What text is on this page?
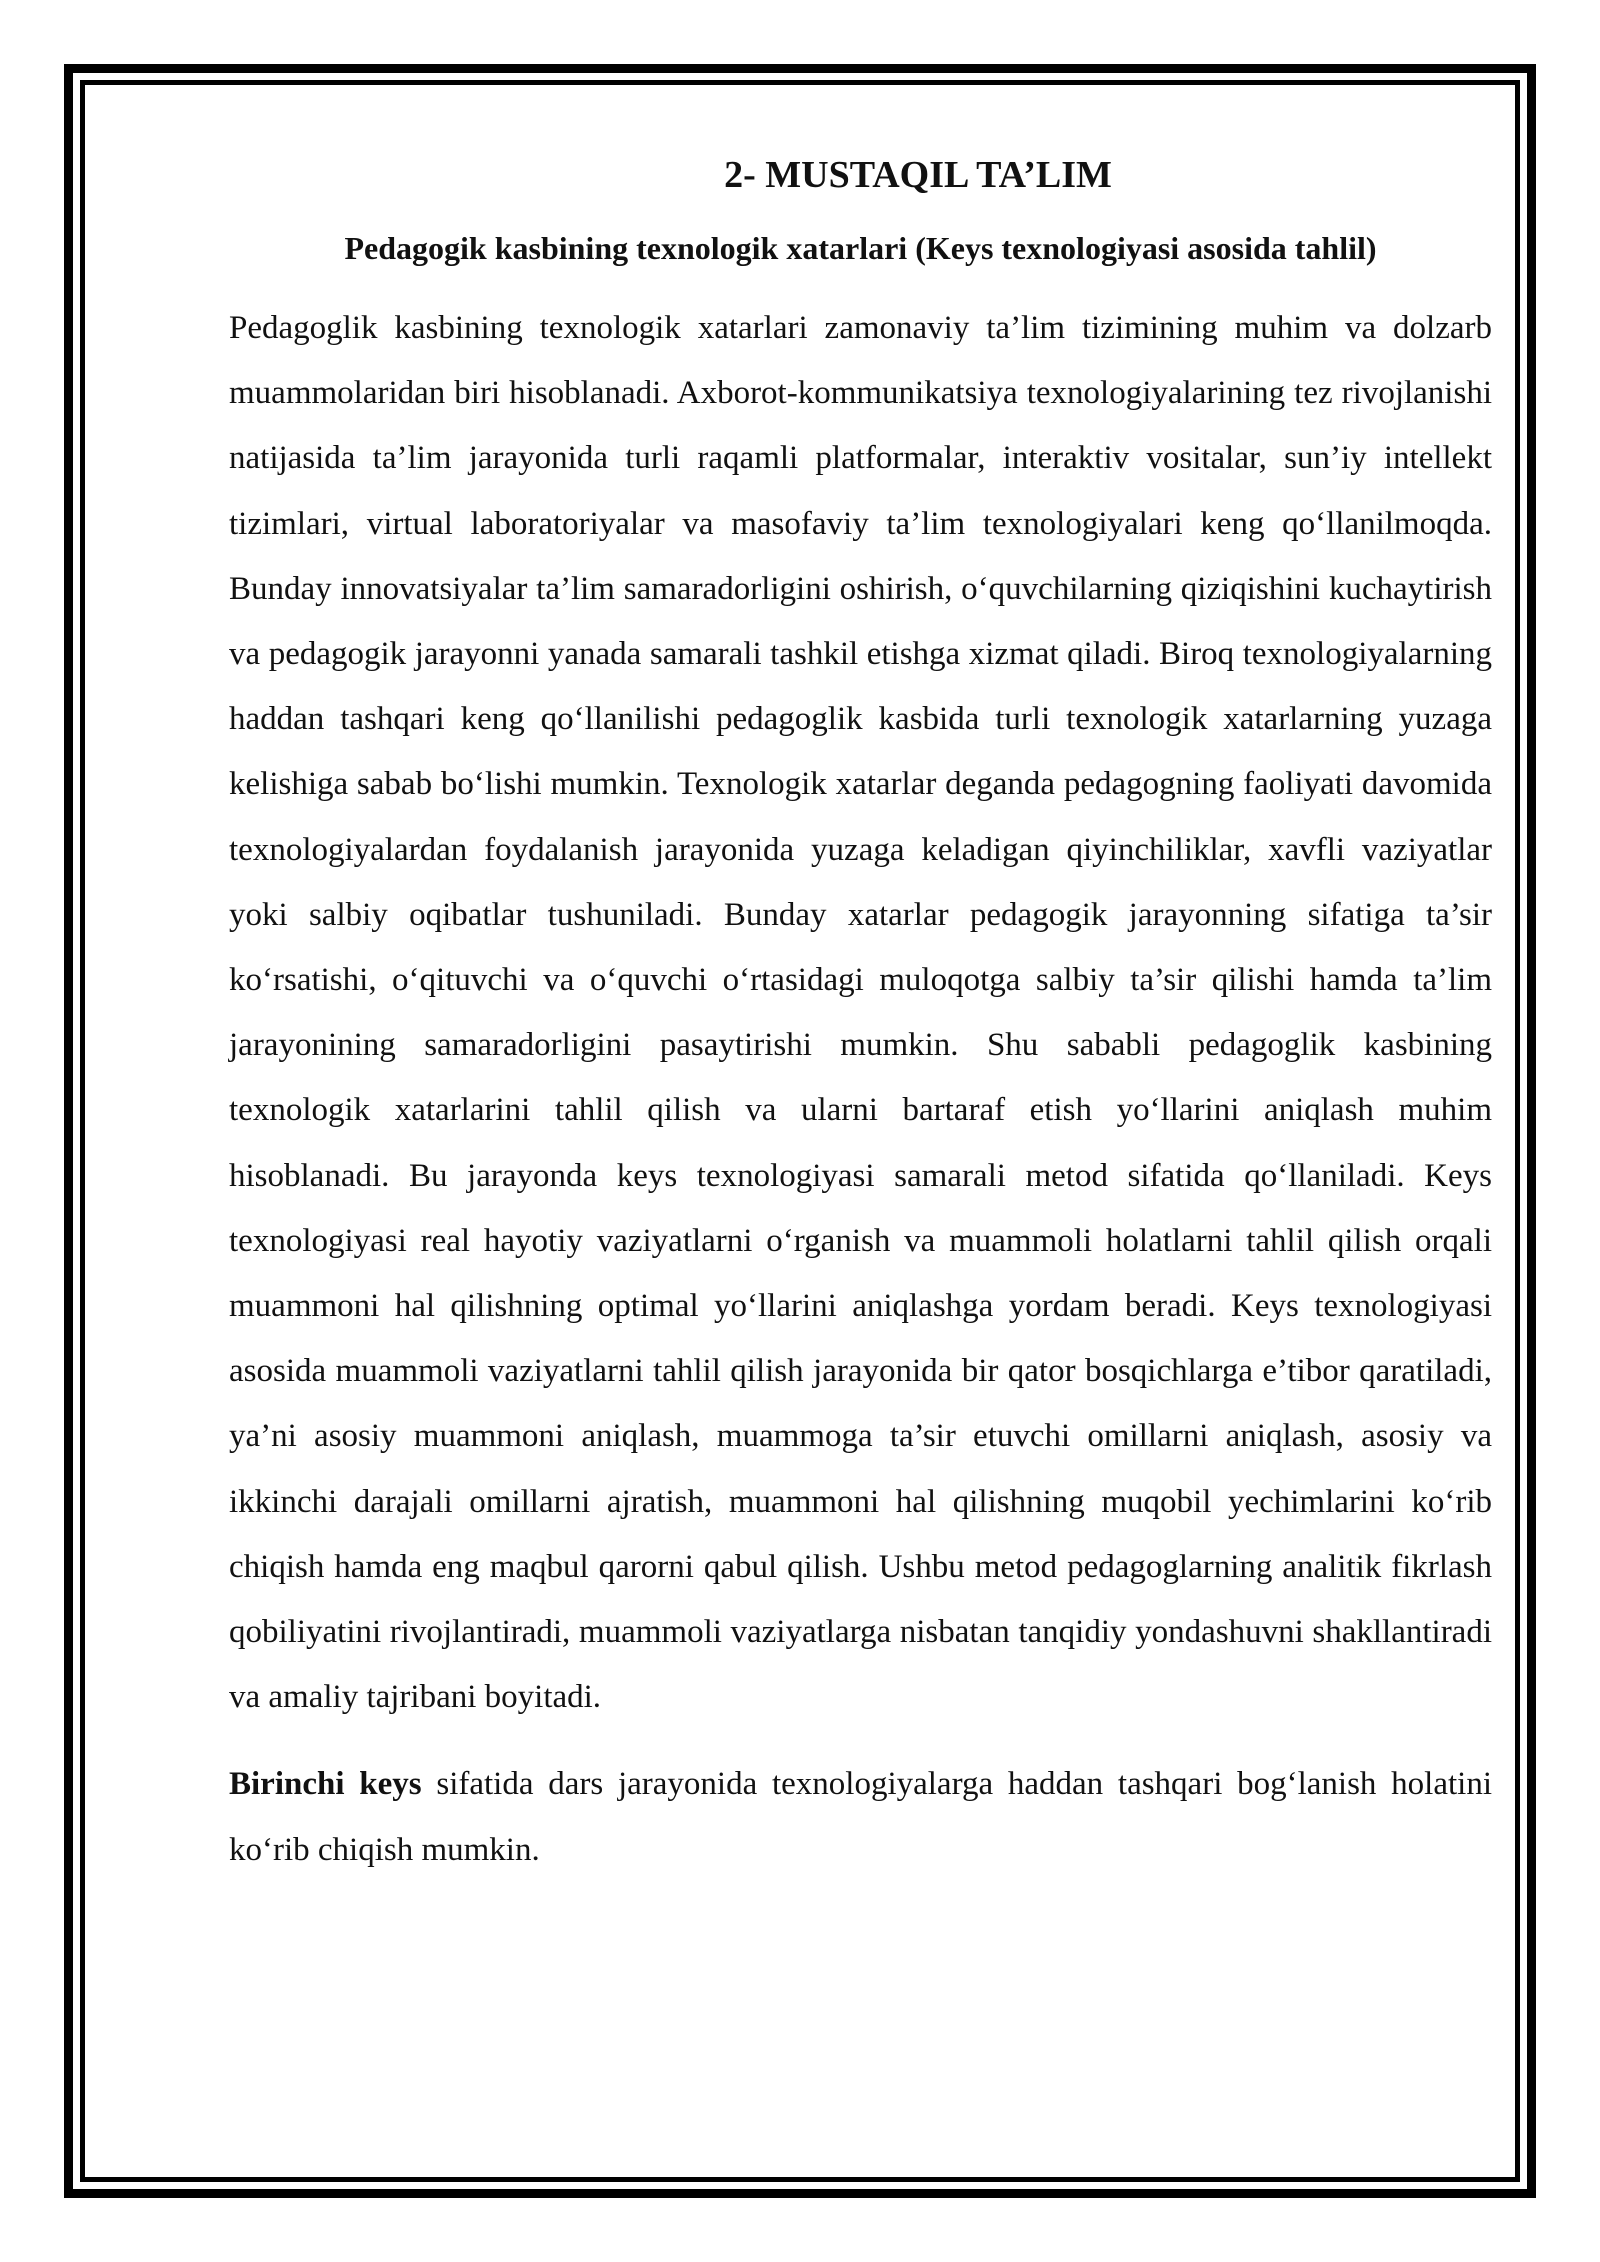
2- MUSTAQIL TA’LIM
Pedagogik kasbining texnologik xatarlari (Keys texnologiyasi asosida tahlil)

Pedagoglik kasbining texnologik xatarlari zamonaviy ta’lim tizimining muhim va dolzarb muammolaridan biri hisoblanadi. Axborot-kommunikatsiya texnologiyalarining tez rivojlanishi natijasida ta’lim jarayonida turli raqamli platformalar, interaktiv vositalar, sun’iy intellekt tizimlari, virtual laboratoriyalar va masofaviy ta’lim texnologiyalari keng qo‘llanilmoqda. Bunday innovatsiyalar ta’lim samaradorligini oshirish, o‘quvchilarning qiziqishini kuchaytirish va pedagogik jarayonni yanada samarali tashkil etishga xizmat qiladi. Biroq texnologiyalarning haddan tashqari keng qo‘llanilishi pedagoglik kasbida turli texnologik xatarlarning yuzaga kelishiga sabab bo‘lishi mumkin. Texnologik xatarlar deganda pedagogning faoliyati davomida texnologiyalardan foydalanish jarayonida yuzaga keladigan qiyinchiliklar, xavfli vaziyatlar yoki salbiy oqibatlar tushuniladi. Bunday xatarlar pedagogik jarayonning sifatiga ta’sir ko‘rsatishi, o‘qituvchi va o‘quvchi o‘rtasidagi muloqotga salbiy ta’sir qilishi hamda ta’lim jarayonining samaradorligini pasaytirishi mumkin. Shu sababli pedagoglik kasbining texnologik xatarlarini tahlil qilish va ularni bartaraf etish yo‘llarini aniqlash muhim hisoblanadi. Bu jarayonda keys texnologiyasi samarali metod sifatida qo‘llaniladi. Keys texnologiyasi real hayotiy vaziyatlarni o‘rganish va muammoli holatlarni tahlil qilish orqali muammoni hal qilishning optimal yo‘llarini aniqlashga yordam beradi. Keys texnologiyasi asosida muammoli vaziyatlarni tahlil qilish jarayonida bir qator bosqichlarga e’tibor qaratiladi, ya’ni asosiy muammoni aniqlash, muammoga ta’sir etuvchi omillarni aniqlash, asosiy va ikkinchi darajali omillarni ajratish, muammoni hal qilishning muqobil yechimlarini ko‘rib chiqish hamda eng maqbul qarorni qabul qilish. Ushbu metod pedagoglarning analitik fikrlash qobiliyatini rivojlantiradi, muammoli vaziyatlarga nisbatan tanqidiy yondashuvni shakllantiradi va amaliy tajribani boyitadi.

Birinchi keys sifatida dars jarayonida texnologiyalarga haddan tashqari bog‘lanish holatini ko‘rib chiqish mumkin.
